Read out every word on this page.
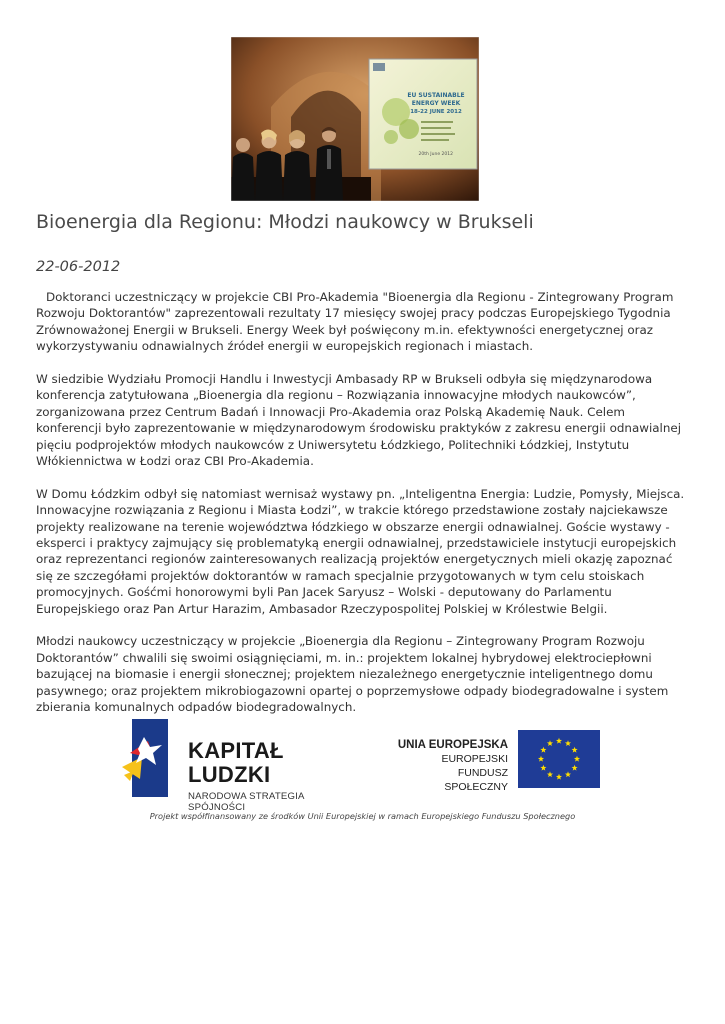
EU SUSTAINABLE
ENERGY WEEK
18-22 JUNE 2012
20th June 2012
Bioenergia dla Regionu: Młodzi naukowcy w Brukseli
22-06-2012

Doktoranci uczestniczący w projekcie CBI Pro-Akademia "Bioenergia dla Regionu - Zintegrowany Program Rozwoju Doktorantów" zaprezentowali rezultaty 17 miesięcy swojej pracy podczas Europejskiego Tygodnia Zrównoważonej Energii w Brukseli. Energy Week był poświęcony m.in. efektywności energetycznej oraz wykorzystywaniu odnawialnych źródeł energii w europejskich regionach i miastach.

W siedzibie Wydziału Promocji Handlu i Inwestycji Ambasady RP w Brukseli odbyła się międzynarodowa konferencja zatytułowana „Bioenergia dla regionu – Rozwiązania innowacyjne młodych naukowców”, zorganizowana przez Centrum Badań i Innowacji Pro-Akademia oraz Polską Akademię Nauk. Celem konferencji było zaprezentowanie w międzynarodowym środowisku praktyków z zakresu energii odnawialnej pięciu podprojektów młodych naukowców z Uniwersytetu Łódzkiego, Politechniki Łódzkiej, Instytutu Włókiennictwa w Łodzi oraz CBI Pro-Akademia.

W Domu Łódzkim odbył się natomiast wernisaż wystawy pn. „Inteligentna Energia: Ludzie, Pomysły, Miejsca. Innowacyjne rozwiązania z Regionu i Miasta Łodzi”, w trakcie którego przedstawione zostały najciekawsze projekty realizowane na terenie województwa łódzkiego w obszarze energii odnawialnej. Goście wystawy - eksperci i praktycy zajmujący się problematyką energii odnawialnej, przedstawiciele instytucji europejskich oraz reprezentanci regionów zainteresowanych realizacją projektów energetycznych mieli okazję zapoznać się ze szczegółami projektów doktorantów w ramach specjalnie przygotowanych w tym celu stoiskach promocyjnych. Gośćmi honorowymi byli Pan Jacek Saryusz – Wolski - deputowany do Parlamentu Europejskiego oraz Pan Artur Harazim, Ambasador Rzeczypospolitej Polskiej w Królestwie Belgii.

Młodzi naukowcy uczestniczący w projekcie „Bioenergia dla Regionu – Zintegrowany Program Rozwoju Doktorantów” chwalili się swoimi osiągnięciami, m. in.: projektem lokalnej hybrydowej elektrociepłowni bazującej na biomasie i energii słonecznej; projektem niezależnego energetycznie inteligentnego domu pasywnego; oraz projektem mikrobiogazowni opartej o poprzemysłowe odpady biodegradowalne i system zbierania komunalnych odpadów biodegradowalnych.

KAPITAŁ LUDZKI
NARODOWA STRATEGIA SPÓJNOŚCI
UNIA EUROPEJSKA
EUROPEJSKI
FUNDUSZ SPOŁECZNY
Projekt współfinansowany ze środków Unii Europejskiej w ramach Europejskiego Funduszu Społecznego
